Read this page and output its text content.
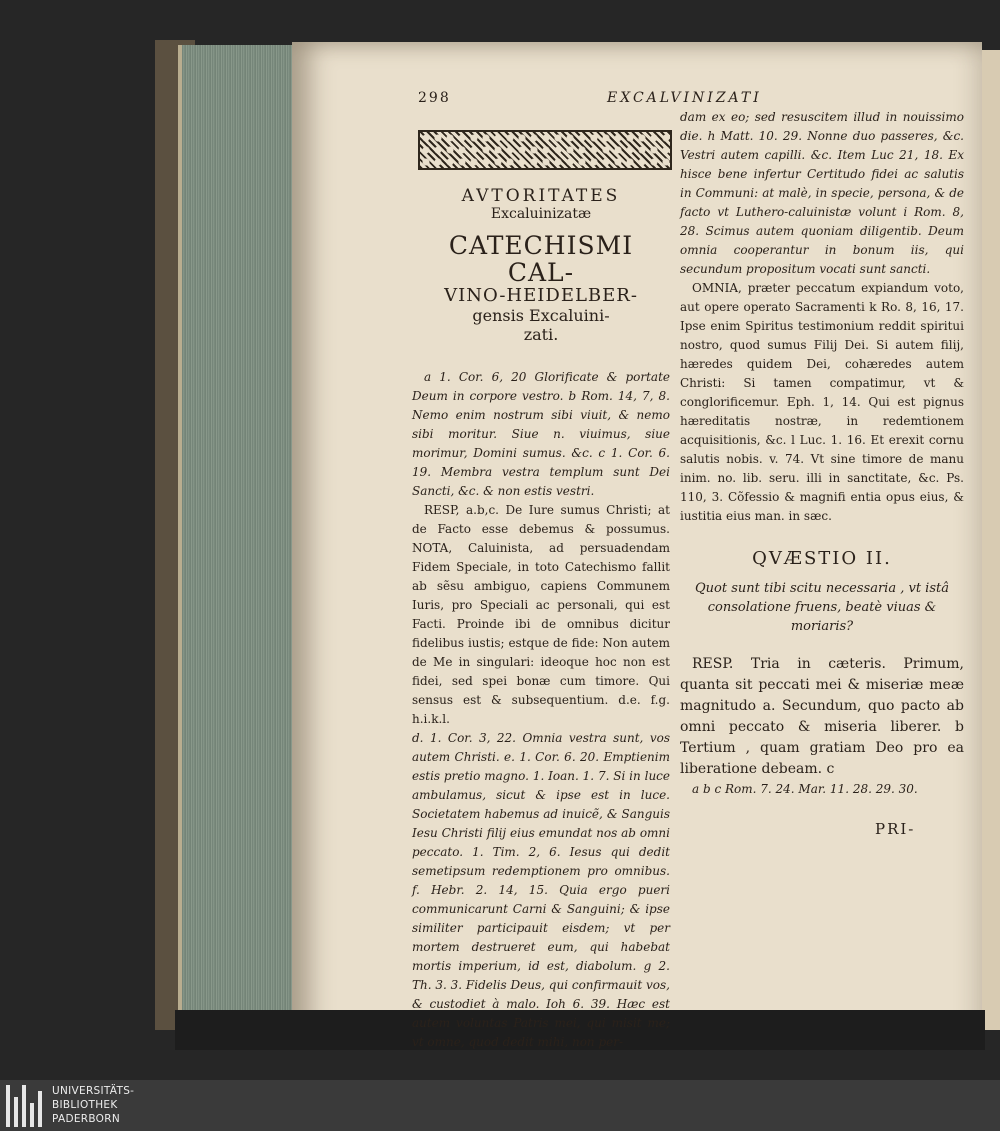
298	EXCALVINIZATI

AVTORITATES

Excaluinizatæ

CATECHISMI CAL-

VINO-HEIDELBER-

gensis Excaluini-

zati.

a 1. Cor. 6, 20 Glorificate & portate Deum in corpore vestro. b Rom. 14, 7, 8. Nemo enim nostrum sibi viuit, & nemo sibi moritur. Siue n. viuimus, siue morimur, Domini sumus. &c. c 1. Cor. 6. 19. Membra vestra templum sunt Dei Sancti, &c. & non estis vestri.

RESP, a.b,c. De Iure sumus Christi; at de Facto esse debemus & possumus. NOTA, Caluinista, ad persuadendam Fidem Speciale, in toto Catechismo fallit ab sẽsu ambiguo, capiens Communem Iuris, pro Speciali ac personali, qui est Facti. Proinde ibi de omnibus dicitur fidelibus iustis; estque de fide: Non autem de Me in singulari: ideoque hoc non est fidei, sed spei bonæ cum timore. Qui sensus est & subsequentium. d.e. f.g. h.i.k.l.

d. 1. Cor. 3, 22. Omnia vestra sunt, vos autem Christi. e. 1. Cor. 6. 20. Emptienim estis pretio magno. 1. Ioan. 1. 7. Si in luce ambulamus, sicut & ipse est in luce. Societatem habemus ad inuicẽ, & Sanguis Iesu Christi filij eius emundat nos ab omni peccato. 1. Tim. 2, 6. Iesus qui dedit semetipsum redemptionem pro omnibus. f. Hebr. 2. 14, 15. Quia ergo pueri communicarunt Carni & Sanguini; & ipse similiter participauit eisdem; vt per mortem destrueret eum, qui habebat mortis imperium, id est, diabolum. g 2. Th. 3. 3. Fidelis Deus, qui confirmauit vos, & custodiet à malo. Ioh 6. 39. Hæc est autem voluntas Patris mei, qui misit me; vt omne, quod dedit mihi, non per-

dam ex eo; sed resuscitem illud in nouissimo die. h Matt. 10. 29. Nonne duo passeres, &c. Vestri autem capilli. &c. Item Luc 21, 18. Ex hisce bene infertur Certitudo fidei ac salutis in Communi: at malè, in specie, persona, & de facto vt Luthero-caluinistæ volunt i Rom. 8, 28. Scimus autem quoniam diligentib. Deum omnia cooperantur in bonum iis, qui secundum propositum vocati sunt sancti.

OMNIA, præter peccatum expiandum voto, aut opere operato Sacramenti k Ro. 8, 16, 17. Ipse enim Spiritus testimonium reddit spiritui nostro, quod sumus Filij Dei. Si autem filij, hæredes quidem Dei, cohæredes autem Christi: Si tamen compatimur, vt & conglorificemur. Eph. 1, 14. Qui est pignus hæreditatis nostræ, in redemtionem acquisitionis, &c. l Luc. 1. 16. Et erexit cornu salutis nobis. v. 74. Vt sine timore de manu inim. no. lib. seru. illi in sanctitate, &c. Ps. 110, 3. Cõfessio & magnifi entia opus eius, & iustitia eius man. in sæc.

QVÆSTIO II.

Quot sunt tibi scitu necessaria , vt istâ consolatione fruens, beatè viuas & moriaris?

RESP. Tria in cæteris. Primum, quanta sit peccati mei & miseriæ meæ magnitudo a. Secundum, quo pacto ab omni peccato & miseria liberer. b Tertium , quam gratiam Deo pro ea liberatione debeam. c

a b c Rom. 7. 24. Mar. 11. 28. 29. 30.

PRI-
UNIVERSITÄTS-
BIBLIOTHEK
PADERBORN
